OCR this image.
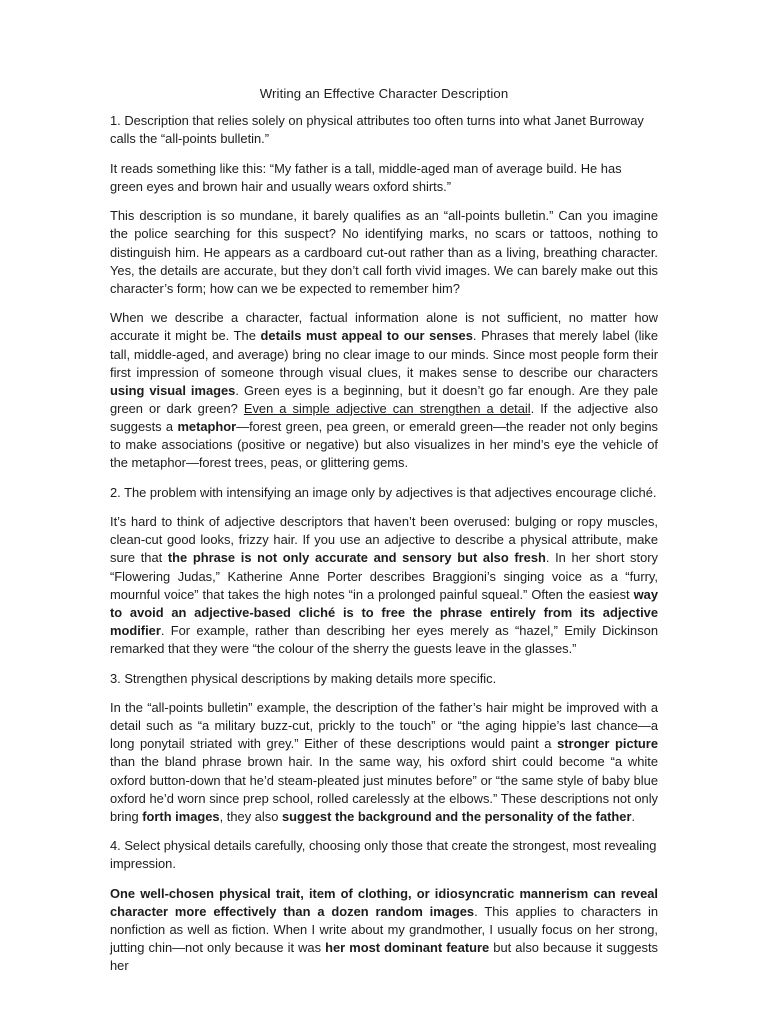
Writing an Effective Character Description

1. Description that relies solely on physical attributes too often turns into what Janet Burroway calls the “all-points bulletin.”

It reads something like this: “My father is a tall, middle-aged man of average build. He has green eyes and brown hair and usually wears oxford shirts.”

This description is so mundane, it barely qualifies as an “all-points bulletin.” Can you imagine the police searching for this suspect? No identifying marks, no scars or tattoos, nothing to distinguish him. He appears as a cardboard cut-out rather than as a living, breathing character. Yes, the details are accurate, but they don’t call forth vivid images. We can barely make out this character’s form; how can we be expected to remember him?

When we describe a character, factual information alone is not sufficient, no matter how accurate it might be. The details must appeal to our senses. Phrases that merely label (like tall, middle-aged, and average) bring no clear image to our minds. Since most people form their first impression of someone through visual clues, it makes sense to describe our characters using visual images. Green eyes is a beginning, but it doesn’t go far enough. Are they pale green or dark green? Even a simple adjective can strengthen a detail. If the adjective also suggests a metaphor—forest green, pea green, or emerald green—the reader not only begins to make associations (positive or negative) but also visualizes in her mind’s eye the vehicle of the metaphor—forest trees, peas, or glittering gems.

2. The problem with intensifying an image only by adjectives is that adjectives encourage cliché.

It’s hard to think of adjective descriptors that haven’t been overused: bulging or ropy muscles, clean-cut good looks, frizzy hair. If you use an adjective to describe a physical attribute, make sure that the phrase is not only accurate and sensory but also fresh. In her short story “Flowering Judas,” Katherine Anne Porter describes Braggioni’s singing voice as a “furry, mournful voice” that takes the high notes “in a prolonged painful squeal.” Often the easiest way to avoid an adjective-based cliché is to free the phrase entirely from its adjective modifier. For example, rather than describing her eyes merely as “hazel,” Emily Dickinson remarked that they were “the colour of the sherry the guests leave in the glasses.”

3. Strengthen physical descriptions by making details more specific.

In the “all-points bulletin” example, the description of the father’s hair might be improved with a detail such as “a military buzz-cut, prickly to the touch” or “the aging hippie’s last chance—a long ponytail striated with grey.” Either of these descriptions would paint a stronger picture than the bland phrase brown hair. In the same way, his oxford shirt could become “a white oxford button-down that he’d steam-pleated just minutes before” or “the same style of baby blue oxford he’d worn since prep school, rolled carelessly at the elbows.” These descriptions not only bring forth images, they also suggest the background and the personality of the father.

4. Select physical details carefully, choosing only those that create the strongest, most revealing impression.

One well-chosen physical trait, item of clothing, or idiosyncratic mannerism can reveal character more effectively than a dozen random images. This applies to characters in nonfiction as well as fiction. When I write about my grandmother, I usually focus on her strong, jutting chin—not only because it was her most dominant feature but also because it suggests her
